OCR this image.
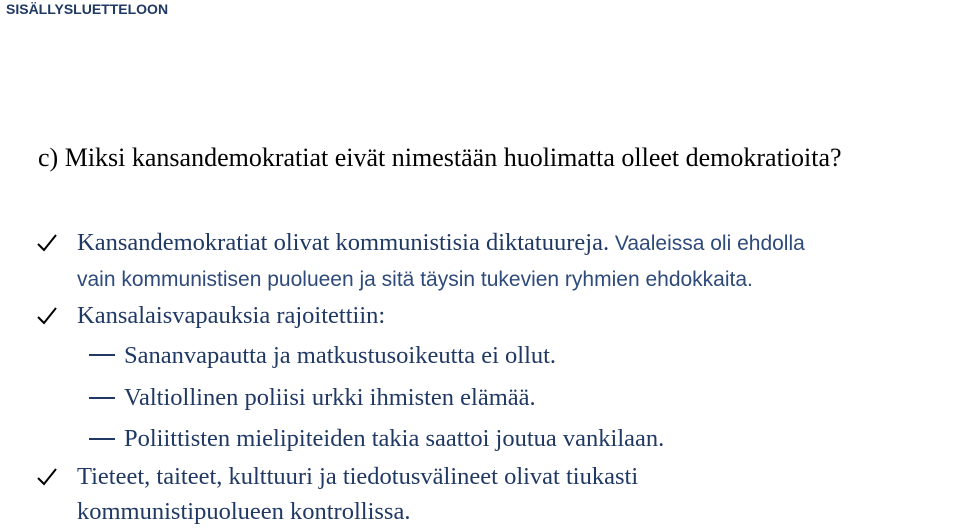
SISÄLLYSLUETTELOON
c) Miksi kansandemokratiat eivät nimestään huolimatta olleet demokratioita?
Kansandemokratiat olivat kommunistisia diktatuureja. Vaaleissa oli ehdolla
vain kommunistisen puolueen ja sitä täysin tukevien ryhmien ehdokkaita.
Kansalaisvapauksia rajoitettiin:
Sananvapautta ja matkustusoikeutta ei ollut.
Valtiollinen poliisi urkki ihmisten elämää.
Poliittisten mielipiteiden takia saattoi joutua vankilaan.
Tieteet, taiteet, kulttuuri ja tiedotusvälineet olivat tiukasti
kommunistipuolueen kontrollissa.
